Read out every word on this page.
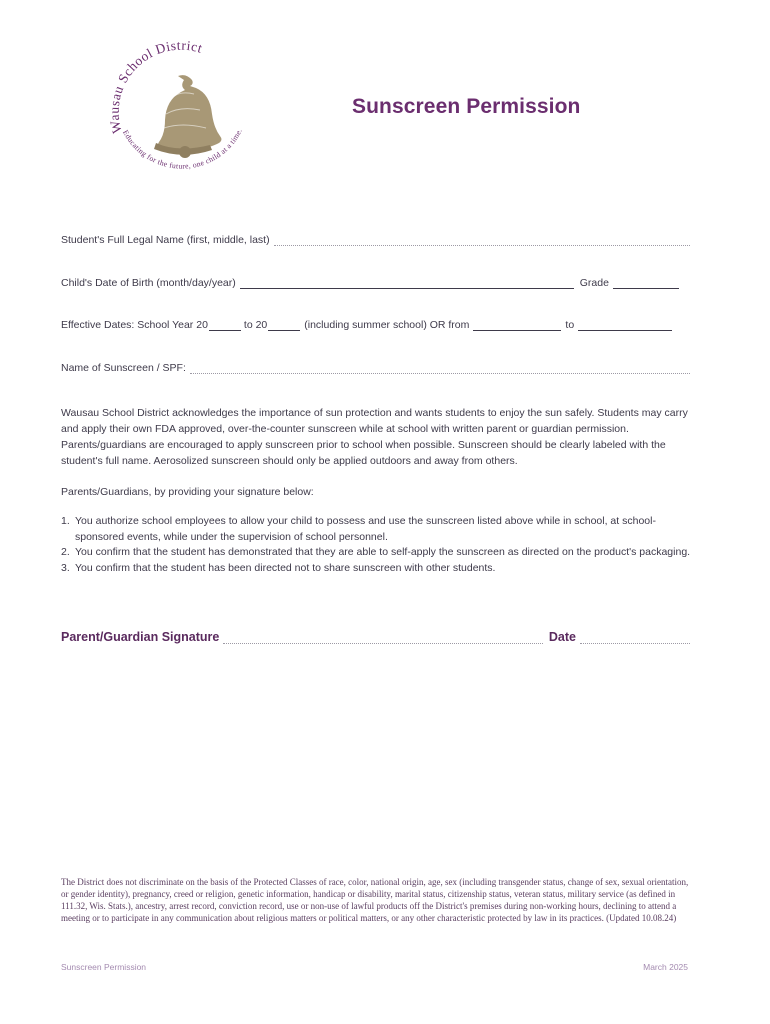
Wausau School District
Educating for the future, one child at a time.
Sunscreen Permission
Student's Full Legal Name (first, middle, last)
Child's Date of Birth (month/day/year)	Grade
Effective Dates: School Year 20	to 20	(including summer school) OR from	to
Name of Sunscreen / SPF:
Wausau School District acknowledges the importance of sun protection and wants students to enjoy the sun safely. Students may carry and apply their own FDA approved, over-the-counter sunscreen while at school with written parent or guardian permission. Parents/guardians are encouraged to apply sunscreen prior to school when possible. Sunscreen should be clearly labeled with the student's full name. Aerosolized sunscreen should only be applied outdoors and away from others.
Parents/Guardians, by providing your signature below:
1. You authorize school employees to allow your child to possess and use the sunscreen listed above while in school, at school-sponsored events, while under the supervision of school personnel.
2. You confirm that the student has demonstrated that they are able to self-apply the sunscreen as directed on the product's packaging.
3. You confirm that the student has been directed not to share sunscreen with other students.
Parent/Guardian Signature	Date
The District does not discriminate on the basis of the Protected Classes of race, color, national origin, age, sex (including transgender status, change of sex, sexual orientation, or gender identity), pregnancy, creed or religion, genetic information, handicap or disability, marital status, citizenship status, veteran status, military service (as defined in 111.32, Wis. Stats.), ancestry, arrest record, conviction record, use or non-use of lawful products off the District's premises during non-working hours, declining to attend a meeting or to participate in any communication about religious matters or political matters, or any other characteristic protected by law in its practices. (Updated 10.08.24)
Sunscreen Permission	March 2025
